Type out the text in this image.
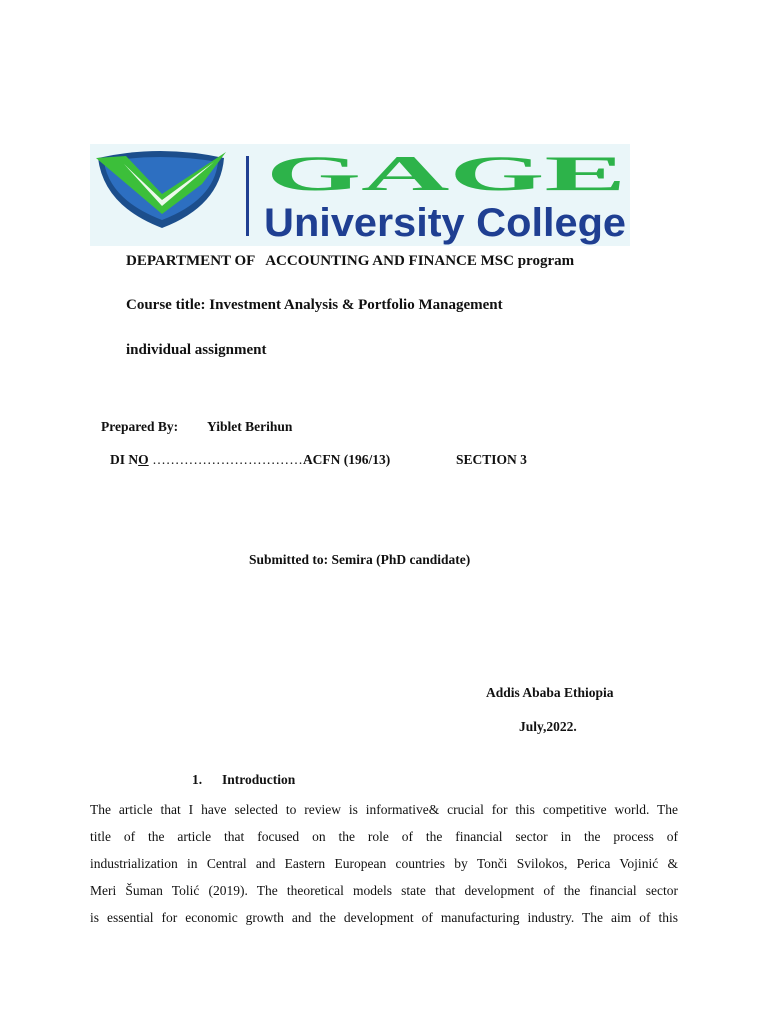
GAGE
University College
DEPARTMENT OF   ACCOUNTING AND FINANCE MSC program
Course title: Investment Analysis & Portfolio Management
individual assignment
Prepared By: Yiblet Berihun
DI NO ……………………………ACFN (196/13)	SECTION 3
Submitted to: Semira (PhD candidate)
Addis Ababa Ethiopia
July,2022.
1. Introduction
The article that I have selected to review is informative& crucial for this competitive world. The
title of the article that focused on the role of the financial sector in the process of
industrialization in Central and Eastern European countries by Tonči Svilokos, Perica Vojinić &
Meri Šuman Tolić (2019). The theoretical models state that development of the financial sector
is essential for economic growth and the development of manufacturing industry. The aim of this
